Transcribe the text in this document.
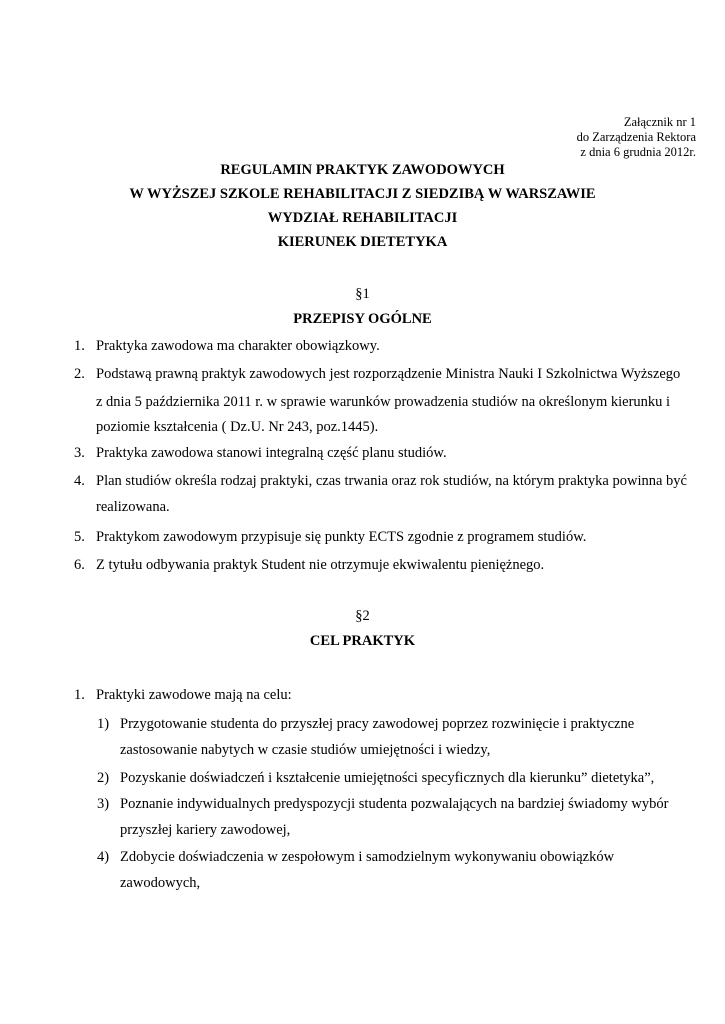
Załącznik nr 1
do Zarządzenia Rektora
z dnia 6 grudnia 2012r.
REGULAMIN PRAKTYK ZAWODOWYCH
W WYŻSZEJ SZKOLE REHABILITACJI Z SIEDZIBĄ W WARSZAWIE
WYDZIAŁ REHABILITACJI
KIERUNEK DIETETYKA
§1
PRZEPISY OGÓLNE
1. Praktyka zawodowa ma charakter obowiązkowy.
2. Podstawą prawną praktyk zawodowych jest rozporządzenie Ministra Nauki I Szkolnictwa Wyższego
z dnia 5 października 2011 r. w sprawie warunków prowadzenia studiów na określonym kierunku i
poziomie kształcenia ( Dz.U. Nr 243, poz.1445).
3. Praktyka zawodowa stanowi integralną część planu studiów.
4. Plan studiów określa rodzaj praktyki, czas trwania oraz rok studiów, na którym praktyka powinna być
realizowana.
5. Praktykom zawodowym przypisuje się punkty ECTS zgodnie z programem studiów.
6. Z tytułu odbywania praktyk Student nie otrzymuje ekwiwalentu pieniężnego.
§2
CEL PRAKTYK
1. Praktyki zawodowe mają na celu:
1) Przygotowanie studenta do przyszłej pracy zawodowej poprzez rozwinięcie i praktyczne
zastosowanie nabytych w czasie studiów umiejętności i wiedzy,
2) Pozyskanie doświadczeń i kształcenie umiejętności specyficznych dla kierunku” dietetyka”,
3) Poznanie indywidualnych predyspozycji studenta pozwalających na bardziej świadomy wybór
przyszłej kariery zawodowej,
4) Zdobycie doświadczenia w zespołowym i samodzielnym wykonywaniu obowiązków
zawodowych,
